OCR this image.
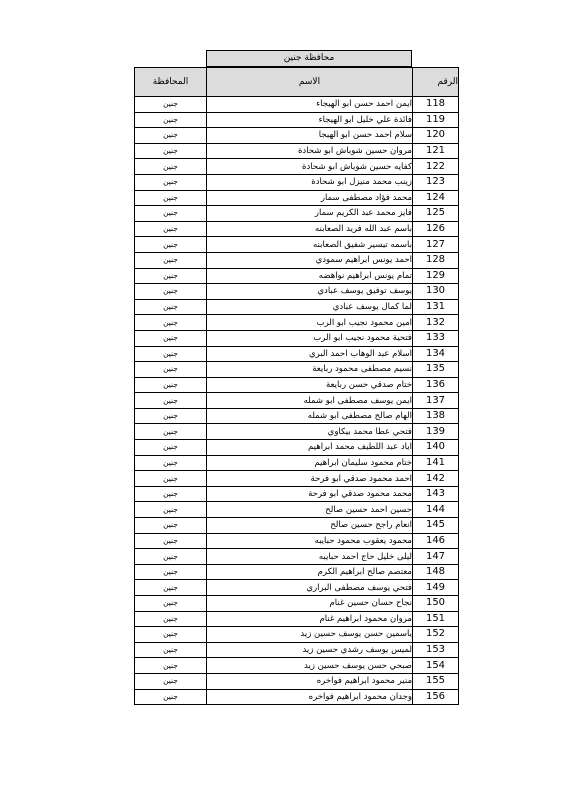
محافظة جنين
المحافظة	الاسم	الرقم
جنين	ايمن احمد حسن ابو الهيجاء	118
جنين	فائدة علي خليل ابو الهيجاء	119
جنين	سلام احمد حسن ابو الهيجا	120
جنين	مروان حسين شوباش ابو شحادة	121
جنين	كفايه حسين شوباش ابو شحادة	122
جنين	زينب محمد منيزل ابو شحادة	123
جنين	محمد فؤاد مصطفى سمار	124
جنين	فايز محمد عبد الكريم سمار	125
جنين	باسم عبد الله فريد الصعابنه	126
جنين	باسمه تيسير شفيق الصعابنه	127
جنين	احمد يونس ابراهيم سمودي	128
جنين	تمام يونس ابراهيم نواهضه	129
جنين	يوسف توفيق يوسف عبادي	130
جنين	لما كمال يوسف عبادي	131
جنين	امين محمود نجيب ابو الرب	132
جنين	فتحية محمود نجيب ابو الرب	133
جنين	اسلام عبد الوهاب احمد البري	134
جنين	نسيم مصطفى محمود ربايعة	135
جنين	ختام صدقي حسن ربايعة	136
جنين	ايمن يوسف مصطفى ابو شمله	137
جنين	الهام صالح مصطفى ابو شمله	138
جنين	فتحي عطا محمد بيكاوي	139
جنين	اياد عبد اللطيف محمد ابراهيم	140
جنين	ختام محمود سليمان ابراهيم	141
جنين	احمد محمود صدقي ابو فرحة	142
جنين	محمد محمود صدقي ابو فرحة	143
جنين	حسين احمد حسين صالح	144
جنين	انعام راجح حسين صالح	145
جنين	محمود يعقوب محمود حبايبه	146
جنين	ليلى خليل حاج احمد حبايبه	147
جنين	معتصم صالح ابراهيم الكرم	148
جنين	فتحي يوسف مصطفى البراري	149
جنين	نجاح حسان حسين غنام	150
جنين	مروان محمود ابراهيم غنام	151
جنين	ياسمين حسن يوسف حسين زيد	152
جنين	لميس يوسف رشدي حسين زيد	153
جنين	صبحي حسن يوسف حسين زيد	154
جنين	منير محمود ابراهيم فواخره	155
جنين	وجدان محمود ابراهيم فواخره	156
